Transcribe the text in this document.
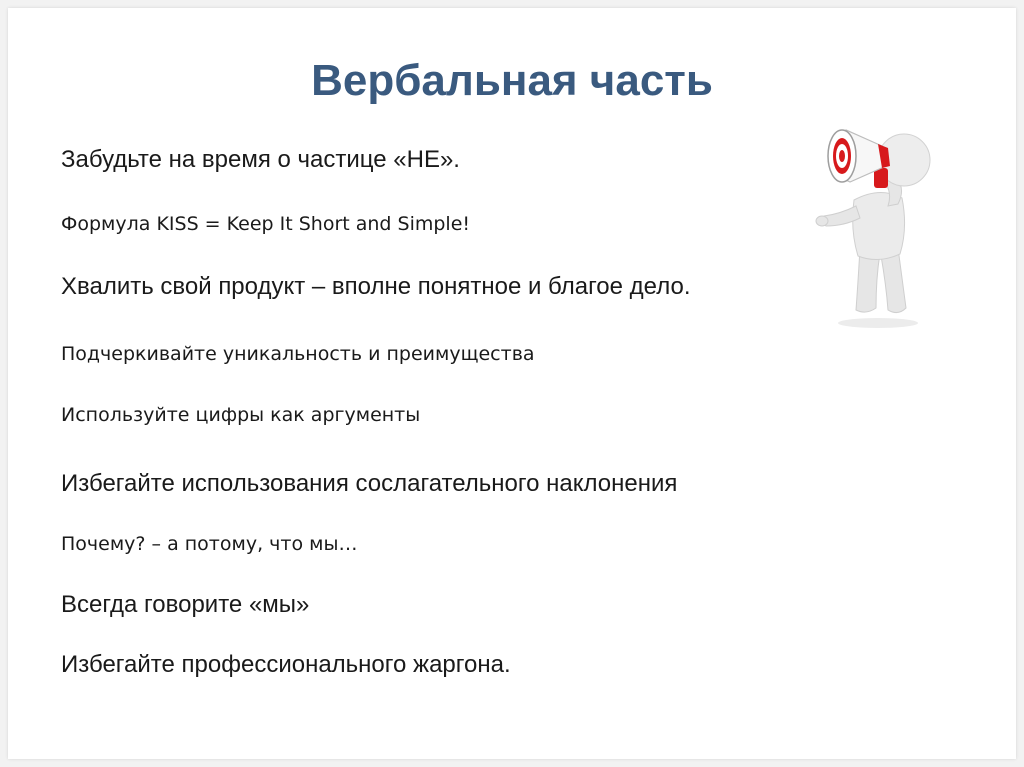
Вербальная часть
Забудьте на время о частице «НЕ».
Формула KISS = Keep It Short and Simple!
Хвалить свой продукт – вполне понятное и благое дело.
Подчеркивайте уникальность и преимущества
Используйте цифры как аргументы
Избегайте использования сослагательного наклонения
Почему? – а потому, что мы…
Всегда говорите «мы»
Избегайте профессионального жаргона.
